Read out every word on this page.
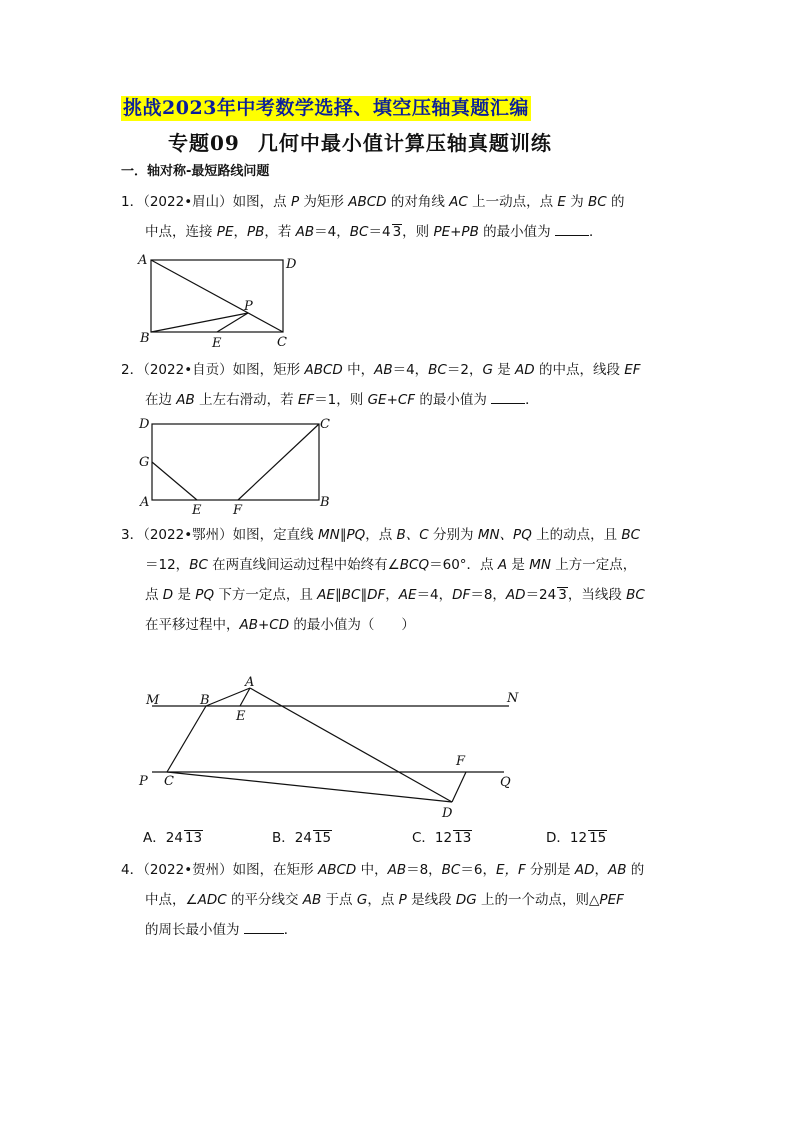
挑战2023年中考数学选择、填空压轴真题汇编
专题09 几何中最小值计算压轴真题训练
一．轴对称-最短路线问题
1．（2022•眉山）如图，点 P 为矩形 ABCD 的对角线 AC 上一动点，点 E 为 BC 的
中点，连接 PE，PB，若 AB＝4，BC＝4 3，则 PE+PB 的最小值为	．
A	D
B	C
P
E
2．（2022•自贡）如图，矩形 ABCD 中，AB＝4，BC＝2，G 是 AD 的中点，线段 EF
在边 AB 上左右滑动，若 EF＝1，则 GE+CF 的最小值为	．
D	C
G
A	B
E F
3．（2022•鄂州）如图，定直线 MN∥PQ，点 B、C 分别为 MN、PQ 上的动点，且 BC
＝12，BC 在两直线间运动过程中始终有∠BCQ＝60°．点 A 是 MN 上方一定点，
点 D 是 PQ 下方一定点，且 AE∥BC∥DF，AE＝4，DF＝8，AD＝24 3，当线段 BC
在平移过程中，AB+CD 的最小值为（　　）
M	N
B
A
E
P C
F
Q
D
A．24 13	B．24 15	C．12 13	D．12 15
4．（2022•贺州）如图，在矩形 ABCD 中，AB＝8，BC＝6，E，F 分别是 AD，AB 的
中点，∠ADC 的平分线交 AB 于点 G，点 P 是线段 DG 上的一个动点，则△PEF
的周长最小值为	．
